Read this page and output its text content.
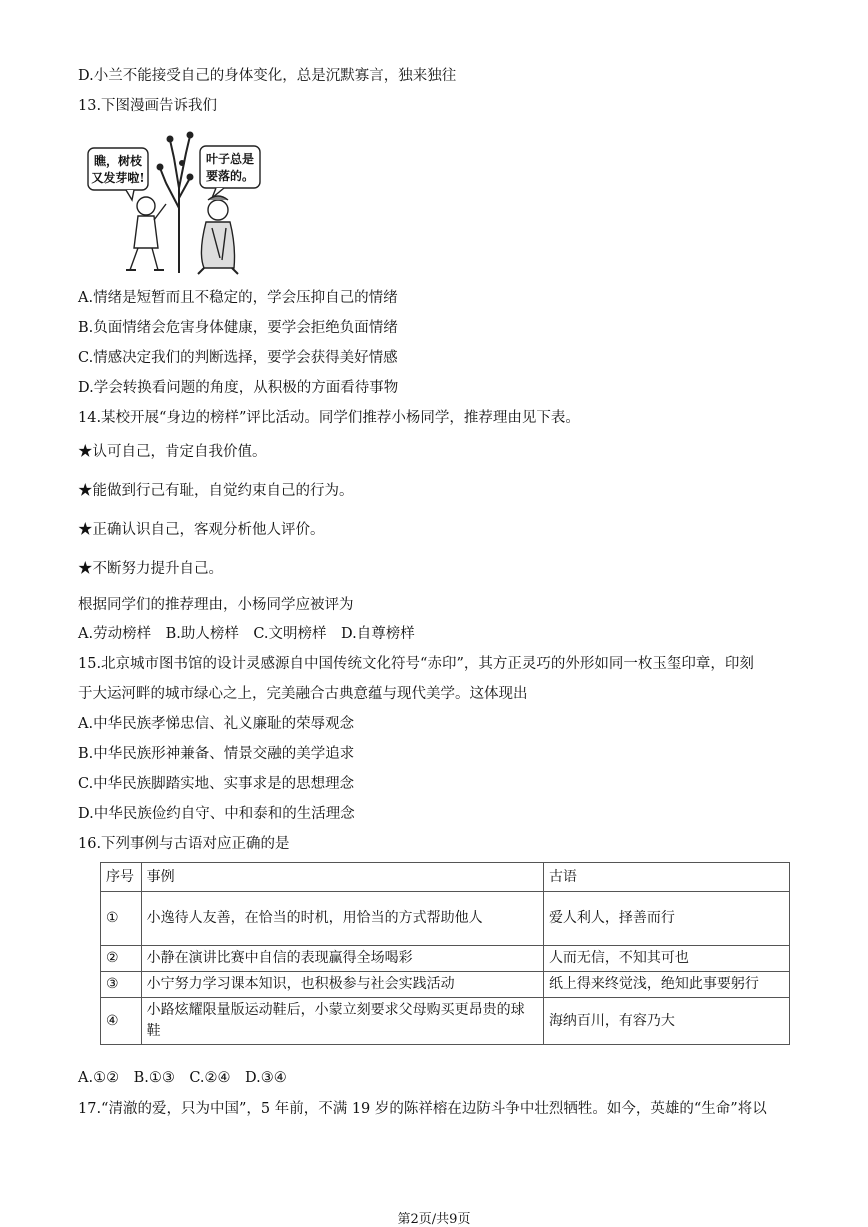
D.小兰不能接受自己的身体变化，总是沉默寡言，独来独往
13.下图漫画告诉我们
瞧，树枝
又发芽啦!
叶子总是
要落的。
A.情绪是短暂而且不稳定的，学会压抑自己的情绪
B.负面情绪会危害身体健康，要学会拒绝负面情绪
C.情感决定我们的判断选择，要学会获得美好情感
D.学会转换看问题的角度，从积极的方面看待事物
14.某校开展“身边的榜样”评比活动。同学们推荐小杨同学，推荐理由见下表。
★认可自己，肯定自我价值。
★能做到行己有耻，自觉约束自己的行为。
★正确认识自己，客观分析他人评价。
★不断努力提升自己。
根据同学们的推荐理由，小杨同学应被评为
A.劳动榜样　B.助人榜样　C.文明榜样　D.自尊榜样
15.北京城市图书馆的设计灵感源自中国传统文化符号“赤印”，其方正灵巧的外形如同一枚玉玺印章，印刻
于大运河畔的城市绿心之上，完美融合古典意蕴与现代美学。这体现出
A.中华民族孝悌忠信、礼义廉耻的荣辱观念
B.中华民族形神兼备、情景交融的美学追求
C.中华民族脚踏实地、实事求是的思想理念
D.中华民族俭约自守、中和泰和的生活理念
16.下列事例与古语对应正确的是
序号	事例	古语
①	小逸待人友善，在恰当的时机，用恰当的方式帮助他人	爱人利人，择善而行
②	小静在演讲比赛中自信的表现赢得全场喝彩	人而无信，不知其可也
③	小宁努力学习课本知识，也积极参与社会实践活动	纸上得来终觉浅，绝知此事要躬行
④	小路炫耀限量版运动鞋后，小蒙立刻要求父母购买更昂贵的球鞋	海纳百川，有容乃大
A.①②　B.①③　C.②④　D.③④
17.“清澈的爱，只为中国”，5 年前，不满 19 岁的陈祥榕在边防斗争中壮烈牺牲。如今，英雄的“生命”将以
第2页/共9页
